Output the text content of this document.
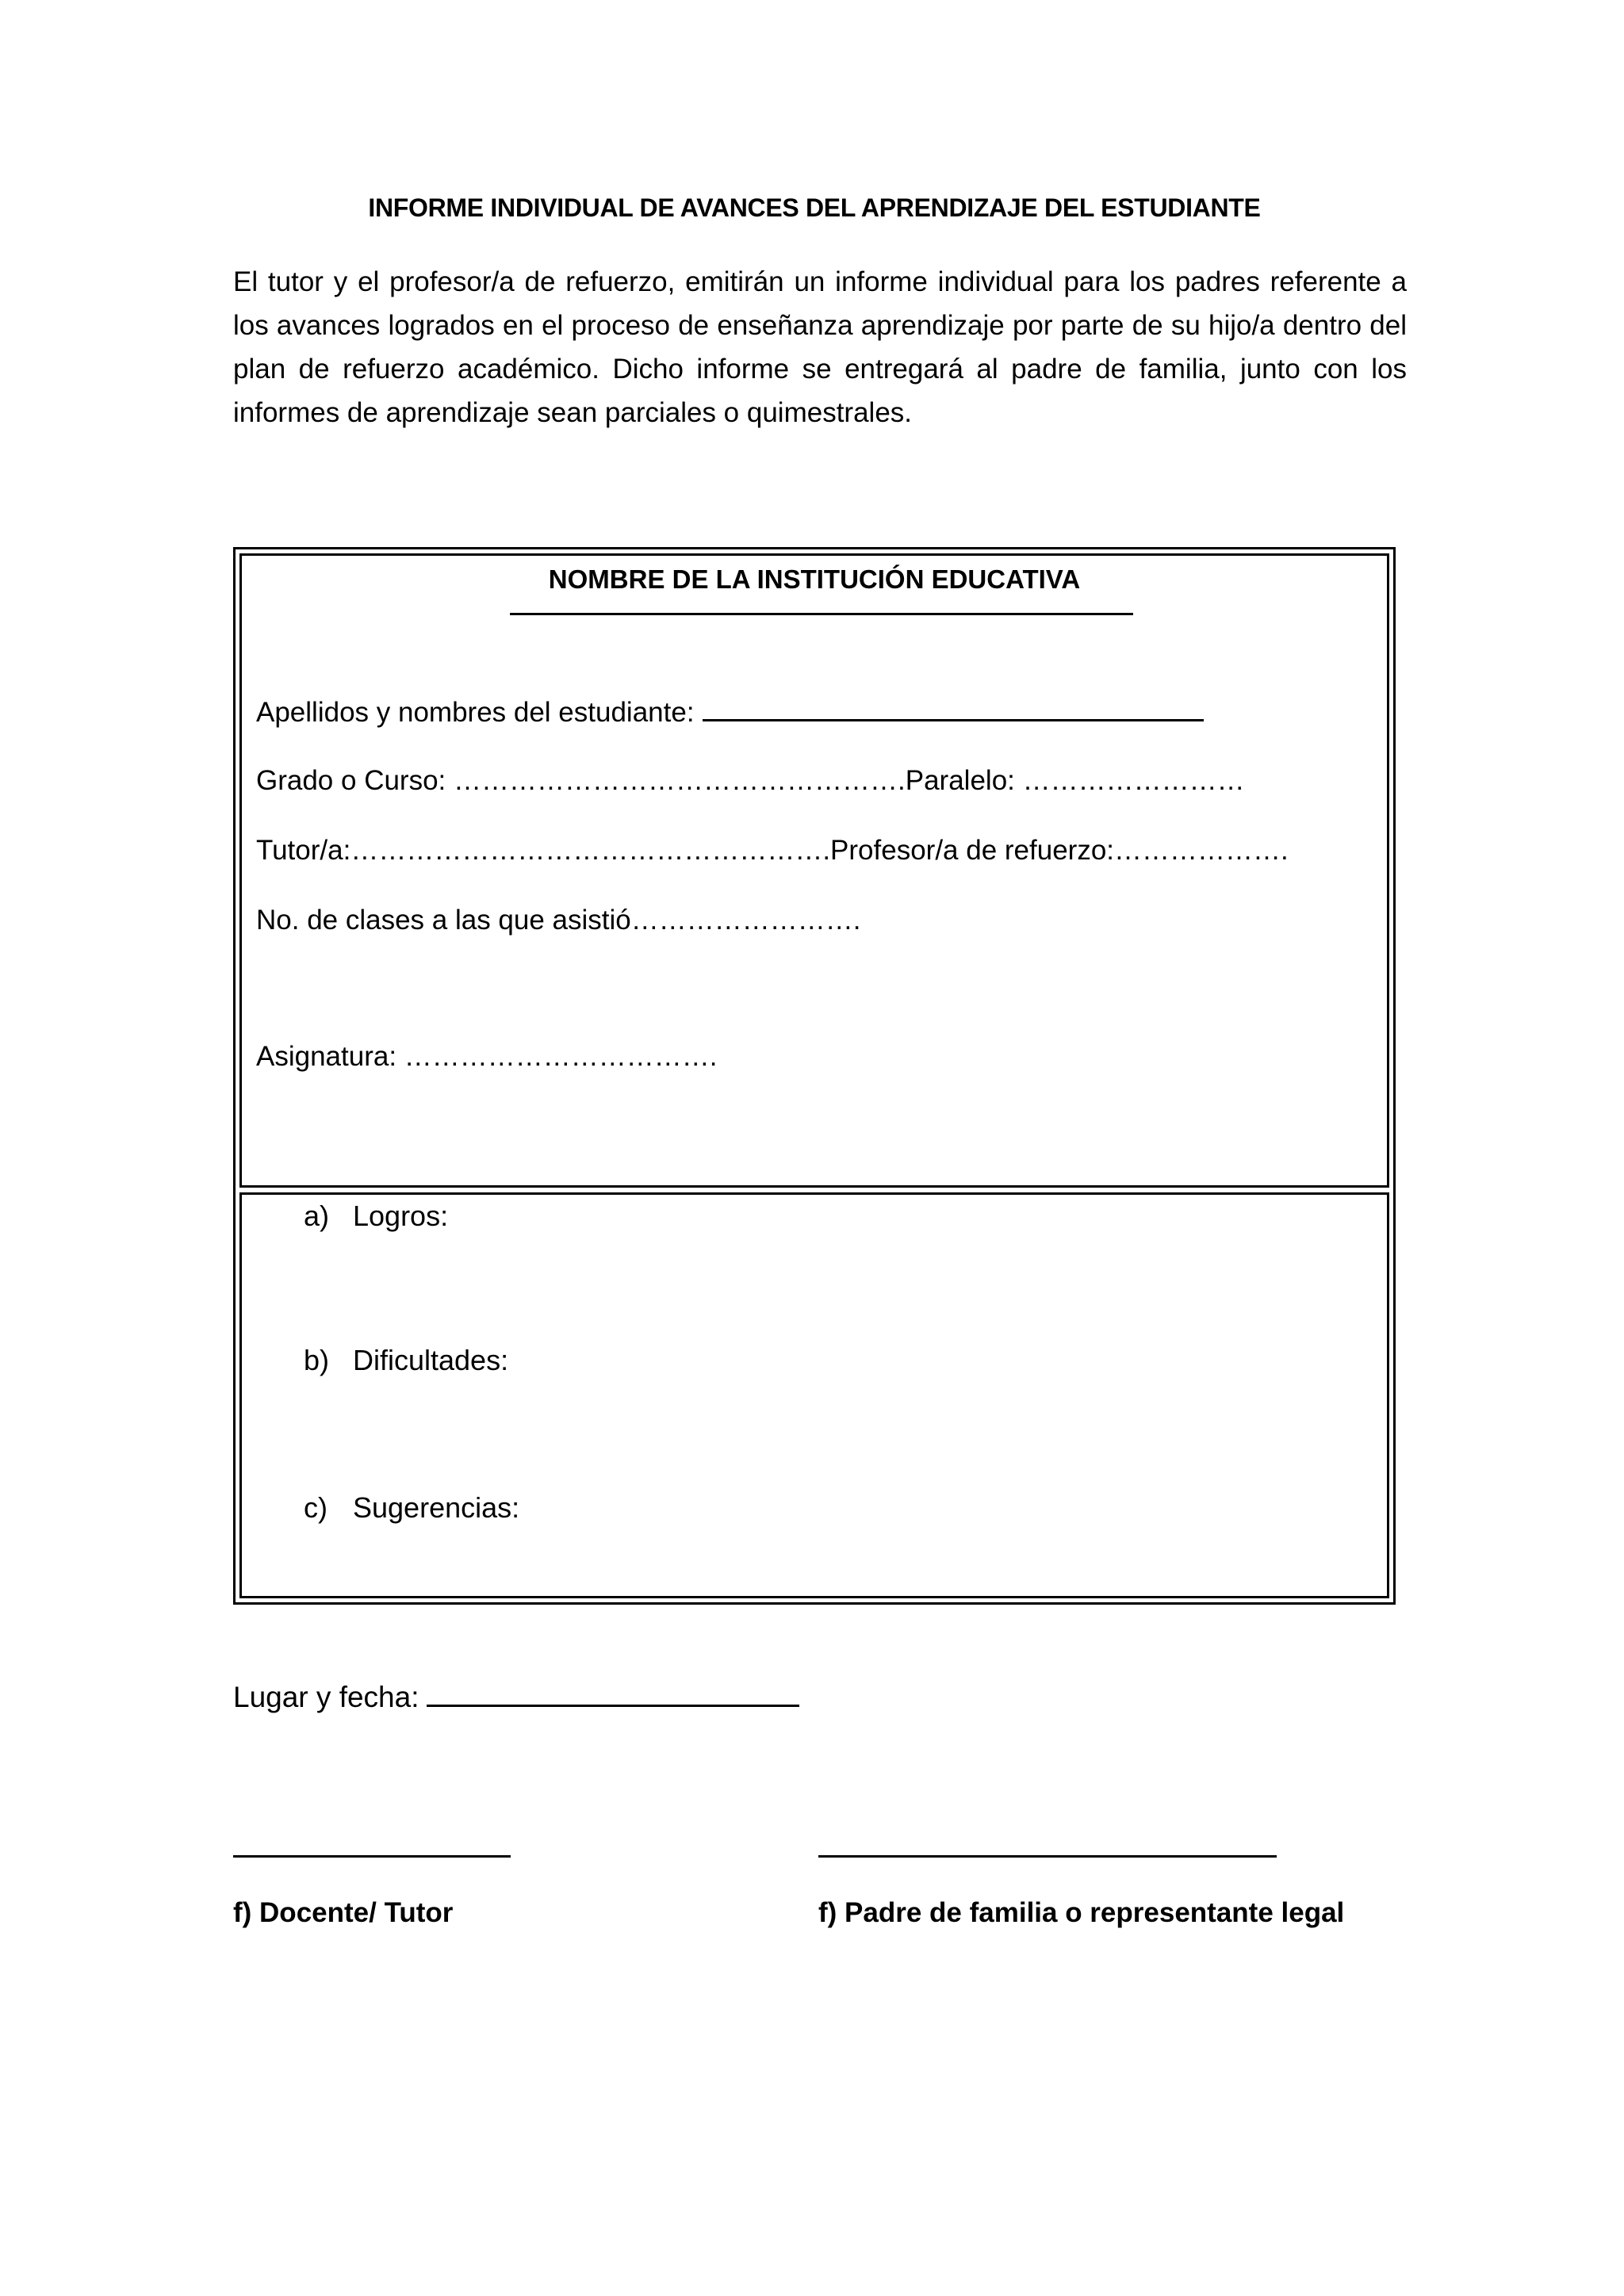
INFORME INDIVIDUAL DE AVANCES DEL APRENDIZAJE DEL ESTUDIANTE
El tutor y el profesor/a de refuerzo, emitirán un informe individual para los padres referente a los avances logrados en el proceso de enseñanza aprendizaje por parte de su hijo/a dentro del plan de refuerzo académico. Dicho informe se entregará al padre de familia, junto con los informes de aprendizaje sean parciales o quimestrales.
NOMBRE DE LA INSTITUCIÓN EDUCATIVA
Apellidos y nombres del estudiante:
Grado o Curso: ………………………………………….Paralelo: ……………………
Tutor/a:…………………………………………….Profesor/a de refuerzo:……………….
No. de clases a las que asistió…………………….
Asignatura: …………………………….
a) Logros:
b) Dificultades:
c) Sugerencias:
Lugar y fecha:
f) Docente/ Tutor	f) Padre de familia o representante legal
